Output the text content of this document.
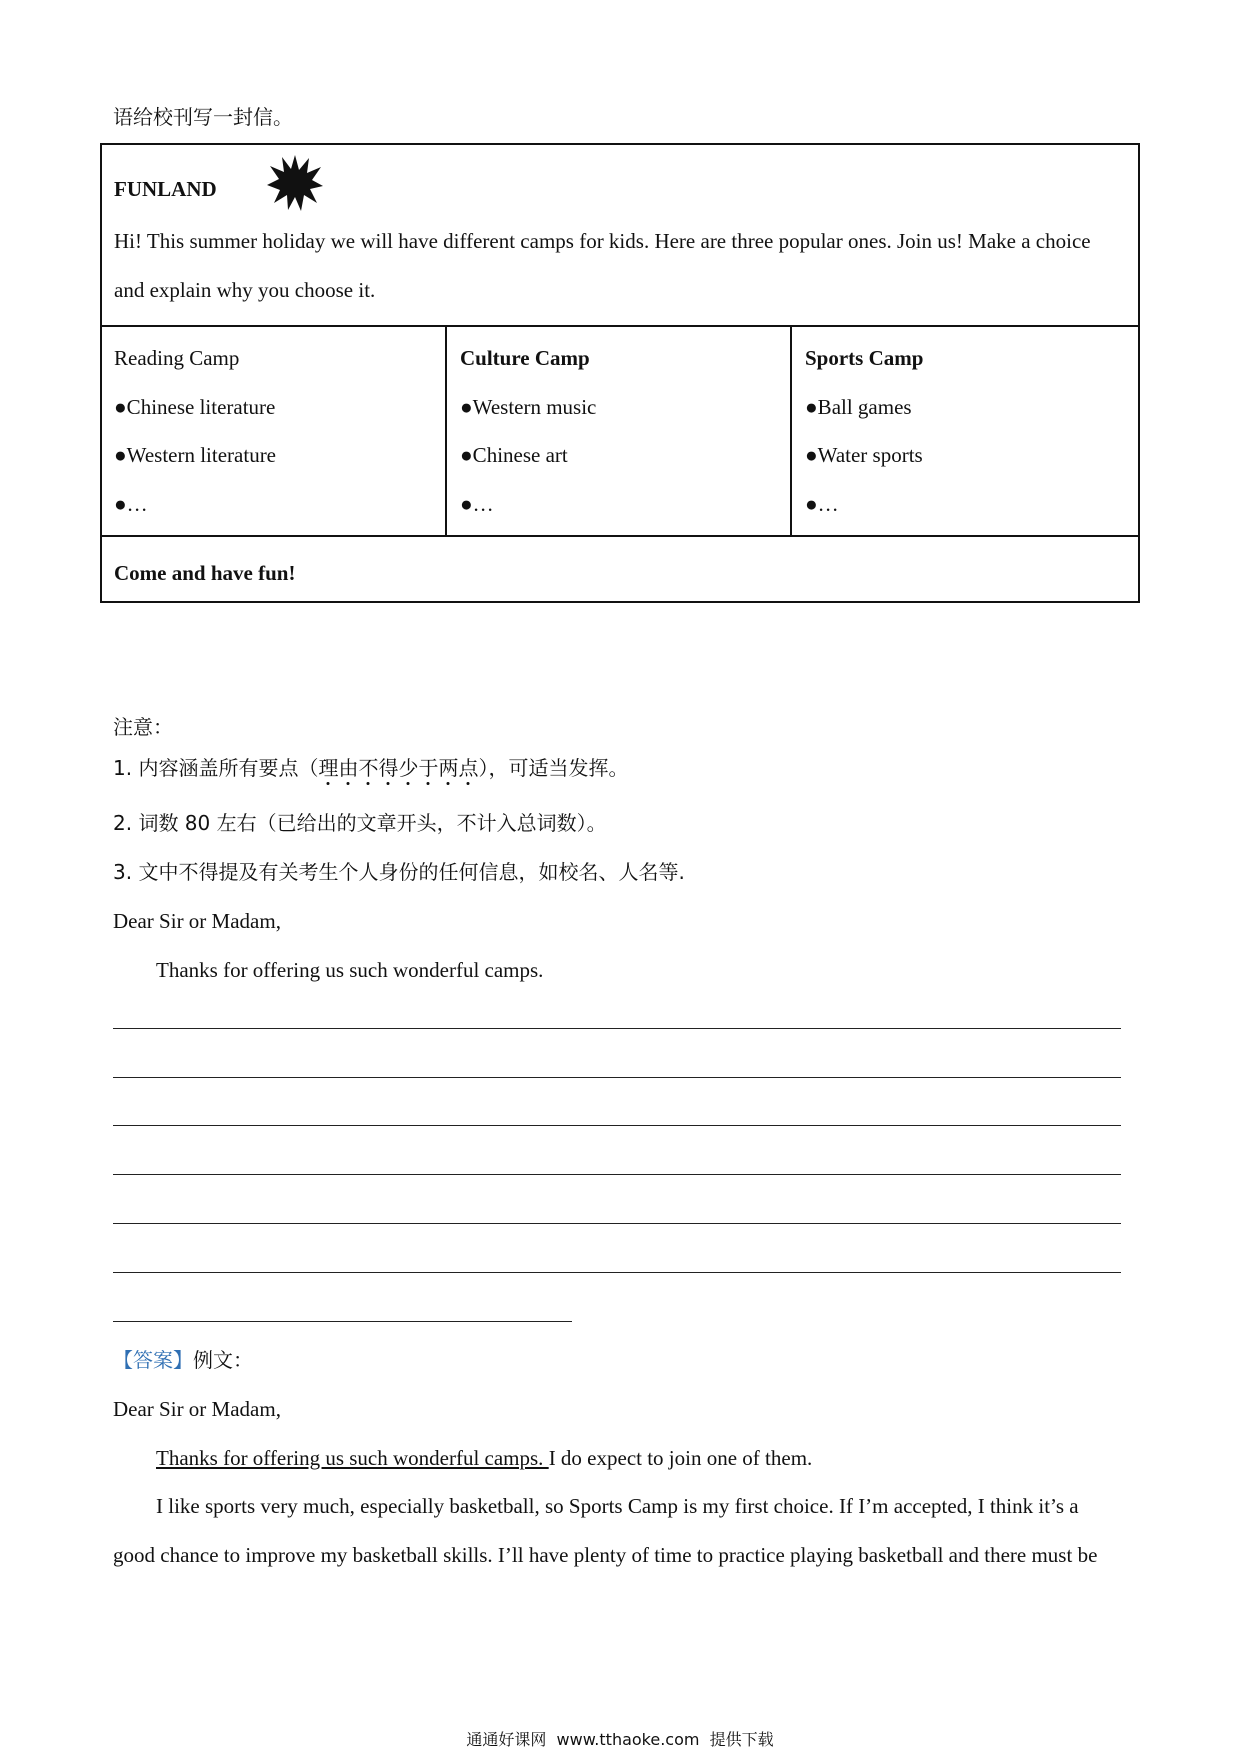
语给校刊写一封信。
FUNLAND
Hi! This summer holiday we will have different camps for kids. Here are three popular ones. Join us! Make a choice
and explain why you choose it.
Reading Camp
●Chinese literature
●Western literature
●…
Culture Camp
●Western music
●Chinese art
●…
Sports Camp
●Ball games
●Water sports
●…
Come and have fun!
注意：
1. 内容涵盖所有要点（理由不得少于两点），可适当发挥。
2. 词数 80 左右（已给出的文章开头，不计入总词数）。
3. 文中不得提及有关考生个人身份的任何信息，如校名、人名等.
Dear Sir or Madam,
Thanks for offering us such wonderful camps.
【答案】例文：
Dear Sir or Madam,
Thanks for offering us such wonderful camps. I do expect to join one of them.
I like sports very much, especially basketball, so Sports Camp is my first choice. If I’m accepted, I think it’s a
good chance to improve my basketball skills. I’ll have plenty of time to practice playing basketball and there must be
通通好课网  www.tthaoke.com  提供下载
